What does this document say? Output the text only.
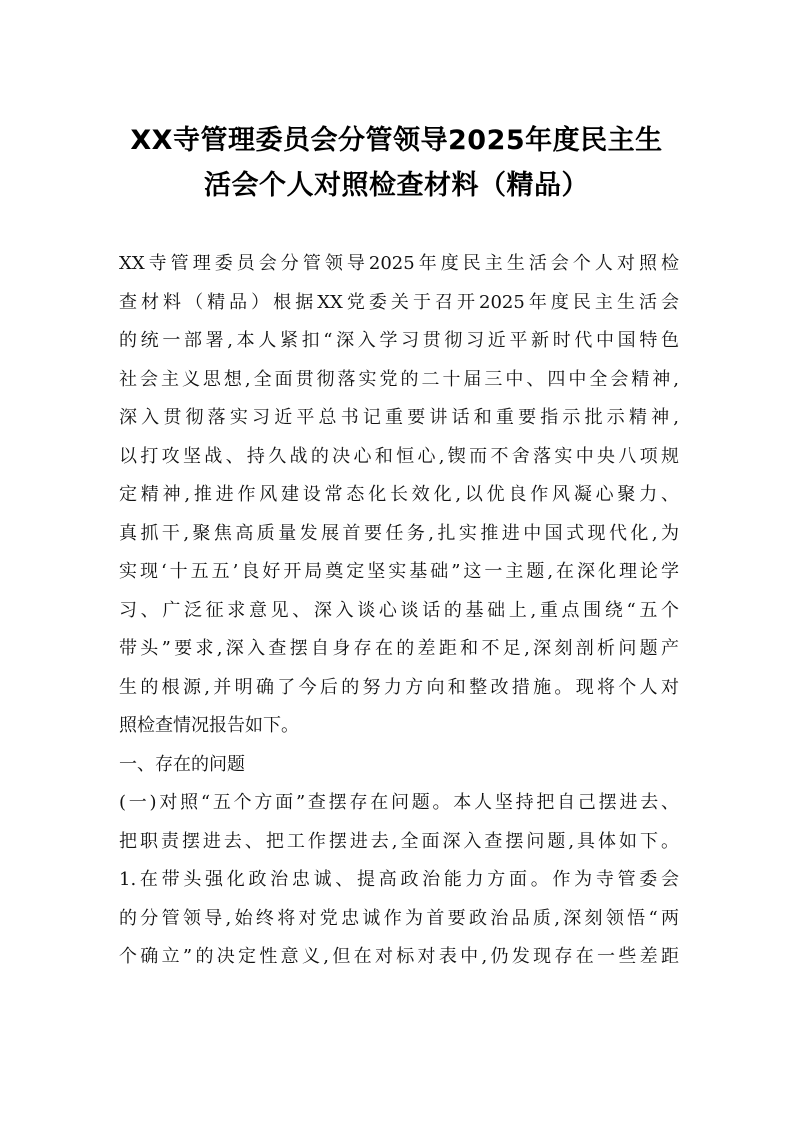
XX寺管理委员会分管领导2025年度民主生
活会个人对照检查材料（精品）
XX寺管理委员会分管领导2025年度民主生活会个人对照检
查材料（精品）根据XX党委关于召开2025年度民主生活会
的统一部署,本人紧扣“深入学习贯彻习近平新时代中国特色
社会主义思想,全面贯彻落实党的二十届三中、四中全会精神,
深入贯彻落实习近平总书记重要讲话和重要指示批示精神,
以打攻坚战、持久战的决心和恒心,锲而不舍落实中央八项规
定精神,推进作风建设常态化长效化,以优良作风凝心聚力、
真抓干,聚焦高质量发展首要任务,扎实推进中国式现代化,为
实现‘十五五’良好开局奠定坚实基础”这一主题,在深化理论学
习、广泛征求意见、深入谈心谈话的基础上,重点围绕“五个
带头”要求,深入查摆自身存在的差距和不足,深刻剖析问题产
生的根源,并明确了今后的努力方向和整改措施。现将个人对
照检查情况报告如下。
一、存在的问题
(一)对照“五个方面”查摆存在问题。本人坚持把自己摆进去、
把职责摆进去、把工作摆进去,全面深入查摆问题,具体如下。
1.在带头强化政治忠诚、提高政治能力方面。作为寺管委会
的分管领导,始终将对党忠诚作为首要政治品质,深刻领悟“两
个确立”的决定性意义,但在对标对表中,仍发现存在一些差距
